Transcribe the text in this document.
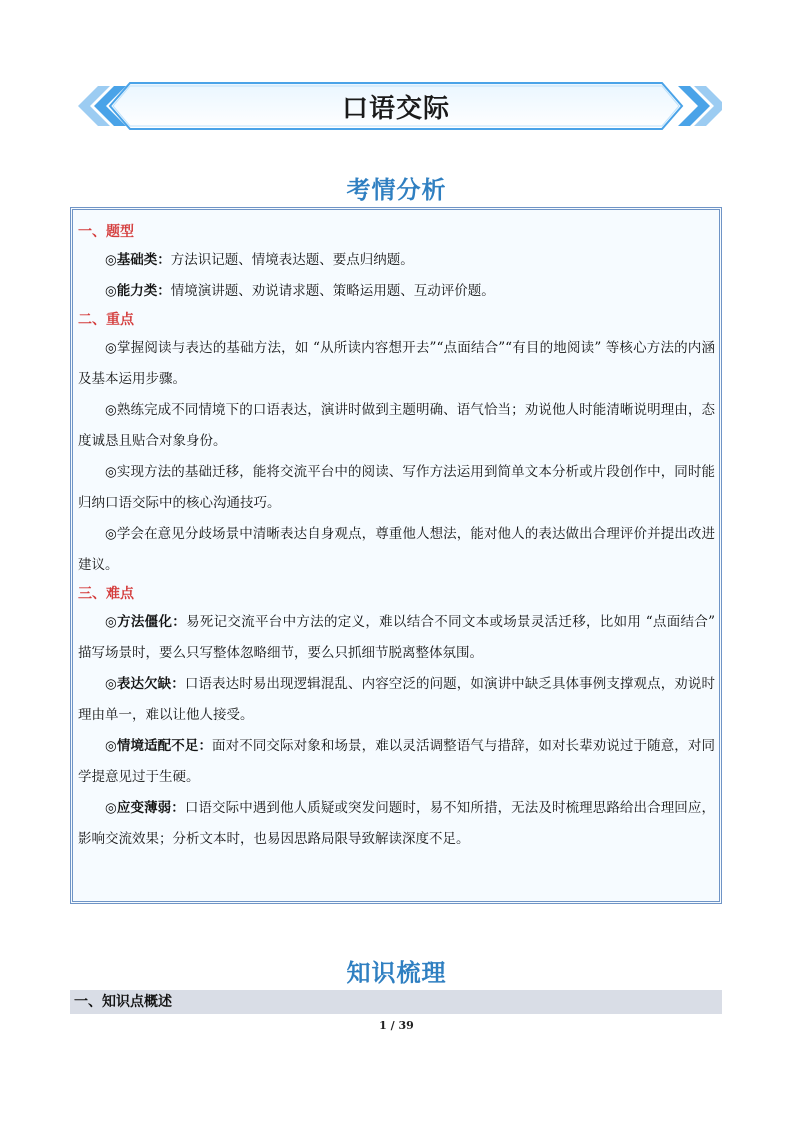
口语交际
考情分析
一、题型

◎基础类：方法识记题、情境表达题、要点归纳题。

◎能力类：情境演讲题、劝说请求题、策略运用题、互动评价题。

二、重点

◎掌握阅读与表达的基础方法，如 “从所读内容想开去”“点面结合”“有目的地阅读” 等核心方法的内涵及基本运用步骤。

◎熟练完成不同情境下的口语表达，演讲时做到主题明确、语气恰当；劝说他人时能清晰说明理由，态度诚恳且贴合对象身份。

◎实现方法的基础迁移，能将交流平台中的阅读、写作方法运用到简单文本分析或片段创作中，同时能归纳口语交际中的核心沟通技巧。

◎学会在意见分歧场景中清晰表达自身观点，尊重他人想法，能对他人的表达做出合理评价并提出改进建议。

三、难点

◎方法僵化：易死记交流平台中方法的定义，难以结合不同文本或场景灵活迁移，比如用 “点面结合” 描写场景时，要么只写整体忽略细节，要么只抓细节脱离整体氛围。

◎表达欠缺：口语表达时易出现逻辑混乱、内容空泛的问题，如演讲中缺乏具体事例支撑观点，劝说时理由单一，难以让他人接受。

◎情境适配不足：面对不同交际对象和场景，难以灵活调整语气与措辞，如对长辈劝说过于随意，对同学提意见过于生硬。

◎应变薄弱：口语交际中遇到他人质疑或突发问题时，易不知所措，无法及时梳理思路给出合理回应，影响交流效果；分析文本时，也易因思路局限导致解读深度不足。

知识梳理
一、知识点概述
1 / 39
